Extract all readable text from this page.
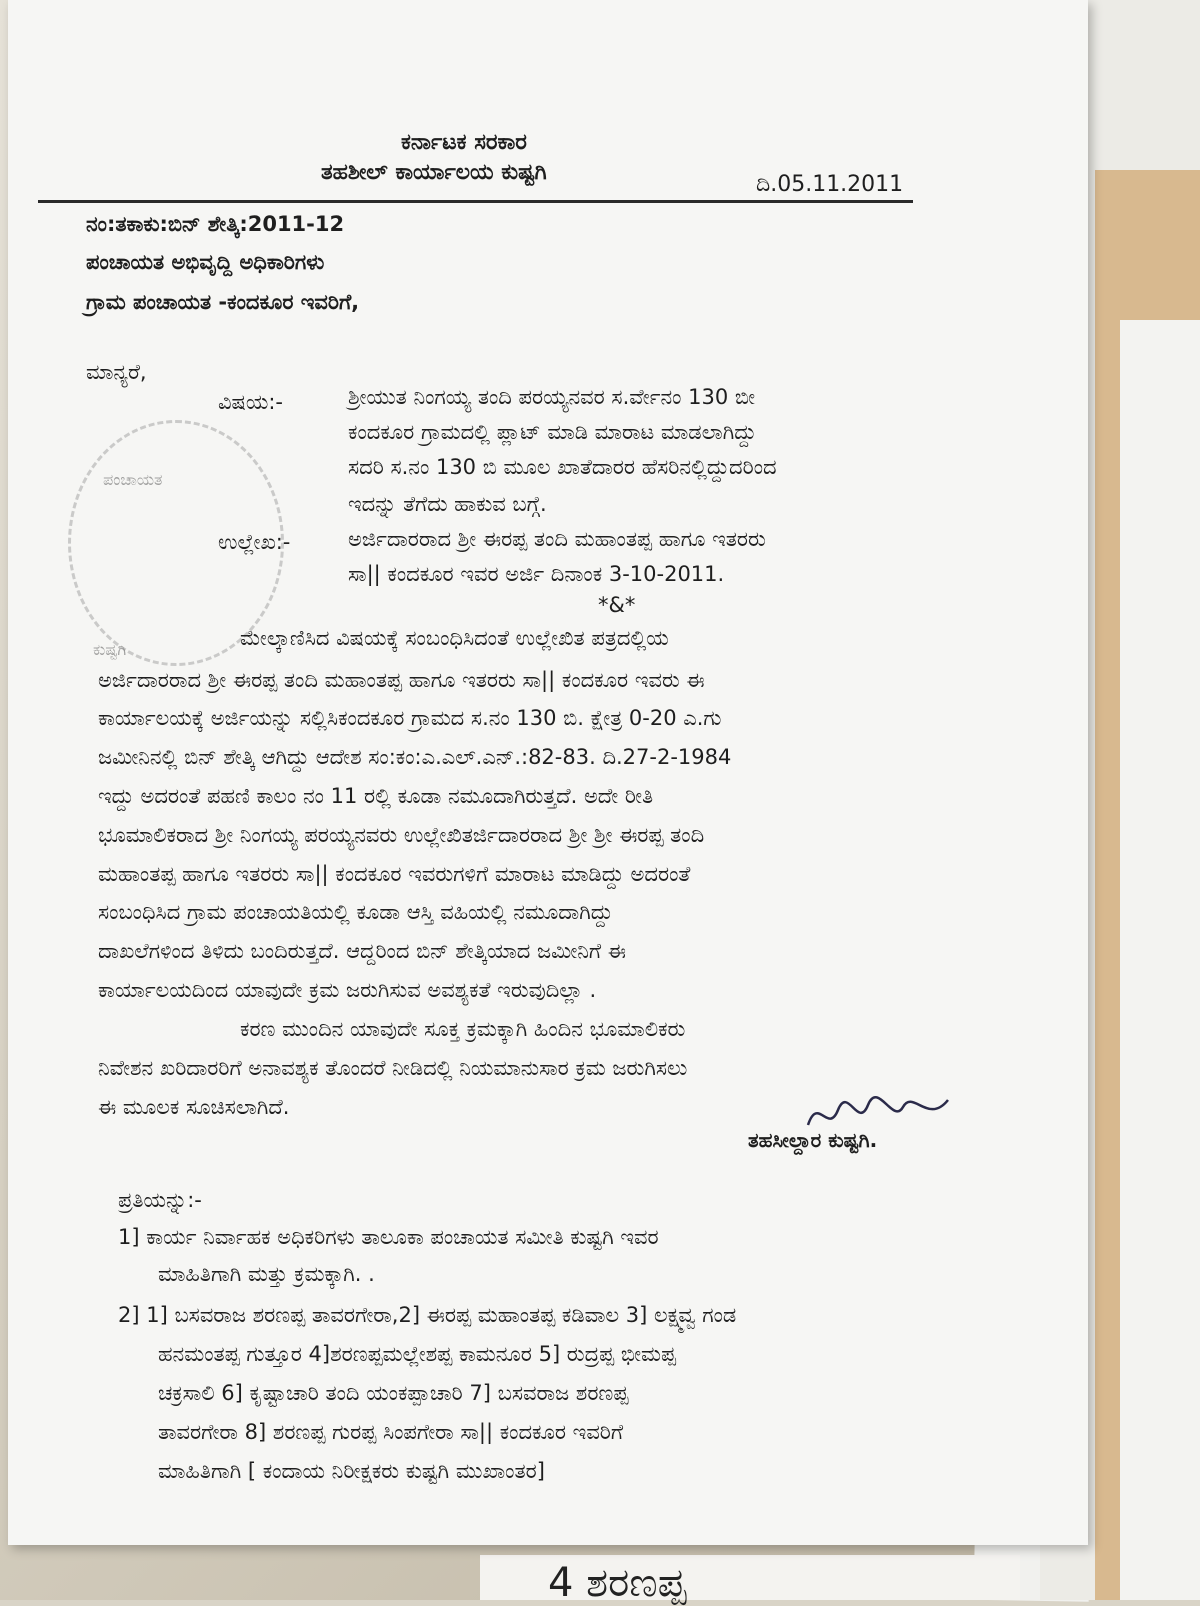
4 ಶರಣಪ್ಪ
ಕರ್ನಾಟಕ ಸರಕಾರ
ತಹಶೀಲ್ ಕಾರ್ಯಾಲಯ ಕುಷ್ಟಗಿ	ದಿ.05.11.2011
ನಂ:ತಕಾಕು:ಬಿನ್ ಶೇತ್ಕಿ:2011-12
ಪಂಚಾಯತ ಅಭಿವೃದ್ದಿ ಅಧಿಕಾರಿಗಳು
ಗ್ರಾಮ ಪಂಚಾಯತ -ಕಂದಕೂರ ಇವರಿಗೆ,
ಮಾನ್ಯರೆ,
ವಿಷಯ:-	ಶ್ರೀಯುತ ನಿಂಗಯ್ಯ ತಂದಿ ಪರಯ್ಯನವರ ಸ.ರ್ವೇನಂ 130 ಬೀ
ಕಂದಕೂರ ಗ್ರಾಮದಲ್ಲಿ ಪ್ಲಾಟ್ ಮಾಡಿ ಮಾರಾಟ ಮಾಡಲಾಗಿದ್ದು
ಸದರಿ ಸ.ನಂ 130 ಬಿ ಮೂಲ ಖಾತೆದಾರರ ಹೆಸರಿನಲ್ಲಿದ್ದುದರಿಂದ
ಇದನ್ನು ತೆಗೆದು ಹಾಕುವ ಬಗ್ಗೆ.
ಉಲ್ಲೇಖ:-	ಅರ್ಜಿದಾರರಾದ ಶ್ರೀ ಈರಪ್ಪ ತಂದಿ ಮಹಾಂತಪ್ಪ ಹಾಗೂ ಇತರರು
ಸಾ|| ಕಂದಕೂರ ಇವರ ಅರ್ಜಿ ದಿನಾಂಕ 3-10-2011.
*&*
ಪಂಚಾಯತ
ಕುಷ್ಟಗಿ	ಮೇಲ್ಕಾಣಿಸಿದ ವಿಷಯಕ್ಕೆ ಸಂಬಂಧಿಸಿದಂತೆ ಉಲ್ಲೇಖಿತ ಪತ್ರದಲ್ಲಿಯ
ಅರ್ಜಿದಾರರಾದ ಶ್ರೀ ಈರಪ್ಪ ತಂದಿ ಮಹಾಂತಪ್ಪ ಹಾಗೂ ಇತರರು ಸಾ|| ಕಂದಕೂರ ಇವರು ಈ
ಕಾರ್ಯಾಲಯಕ್ಕೆ ಅರ್ಜಿಯನ್ನು ಸಲ್ಲಿಸಿಕಂದಕೂರ ಗ್ರಾಮದ ಸ.ನಂ 130 ಬಿ. ಕ್ಷೇತ್ರ 0-20 ಎ.ಗು
ಜಮೀನಿನಲ್ಲಿ ಬಿನ್ ಶೇತ್ಕಿ ಆಗಿದ್ದು ಆದೇಶ ಸಂ:ಕಂ:ಎ.ಎಲ್.ಎನ್.:82-83. ದಿ.27-2-1984
ಇದ್ದು ಅದರಂತೆ ಪಹಣಿ ಕಾಲಂ ನಂ 11 ರಲ್ಲಿ ಕೂಡಾ ನಮೂದಾಗಿರುತ್ತದೆ. ಅದೇ ರೀತಿ
ಭೂಮಾಲಿಕರಾದ ಶ್ರೀ ನಿಂಗಯ್ಯ ಪರಯ್ಯನವರು ಉಲ್ಲೇಖಿತರ್ಜಿದಾರರಾದ ಶ್ರೀ ಶ್ರೀ ಈರಪ್ಪ ತಂದಿ
ಮಹಾಂತಪ್ಪ ಹಾಗೂ ಇತರರು ಸಾ|| ಕಂದಕೂರ ಇವರುಗಳಿಗೆ ಮಾರಾಟ ಮಾಡಿದ್ದು ಅದರಂತೆ
ಸಂಬಂಧಿಸಿದ ಗ್ರಾಮ ಪಂಚಾಯತಿಯಲ್ಲಿ ಕೂಡಾ ಆಸ್ತಿ ವಹಿಯಲ್ಲಿ ನಮೂದಾಗಿದ್ದು
ದಾಖಲೆಗಳಿಂದ ತಿಳಿದು ಬಂದಿರುತ್ತದೆ. ಆದ್ದರಿಂದ ಬಿನ್ ಶೇತ್ಕಿಯಾದ ಜಮೀನಿಗೆ ಈ
ಕಾರ್ಯಾಲಯದಿಂದ ಯಾವುದೇ ಕ್ರಮ ಜರುಗಿಸುವ ಅವಶ್ಯಕತೆ ಇರುವುದಿಲ್ಲಾ .
ಕರಣ ಮುಂದಿನ ಯಾವುದೇ ಸೂಕ್ತ ಕ್ರಮಕ್ಕಾಗಿ ಹಿಂದಿನ ಭೂಮಾಲಿಕರು
ನಿವೇಶನ ಖರಿದಾರರಿಗೆ ಅನಾವಶ್ಯಕ ತೊಂದರೆ ನೀಡಿದಲ್ಲಿ ನಿಯಮಾನುಸಾರ ಕ್ರಮ ಜರುಗಿಸಲು
ಈ ಮೂಲಕ ಸೂಚಿಸಲಾಗಿದೆ.
ತಹಸೀಲ್ದಾರ ಕುಷ್ಟಗಿ.
ಪ್ರತಿಯನ್ನು:-
1] ಕಾರ್ಯ ನಿರ್ವಾಹಕ ಅಧಿಕರಿಗಳು ತಾಲೂಕಾ ಪಂಚಾಯತ ಸಮೀತಿ ಕುಷ್ಟಗಿ ಇವರ
ಮಾಹಿತಿಗಾಗಿ ಮತ್ತು ಕ್ರಮಕ್ಕಾಗಿ. .
2] 1] ಬಸವರಾಜ ಶರಣಪ್ಪ ತಾವರಗೇರಾ,2] ಈರಪ್ಪ ಮಹಾಂತಪ್ಪ ಕಡಿವಾಲ 3] ಲಕ್ಷ್ಮವ್ವ ಗಂಡ
ಹನಮಂತಪ್ಪ ಗುತ್ತೂರ 4]ಶರಣಪ್ಪಮಲ್ಲೇಶಪ್ಪ ಕಾಮನೂರ 5] ರುದ್ರಪ್ಪ ಭೀಮಪ್ಪ
ಚಕ್ರಸಾಲಿ 6] ಕೃಷ್ಟಾಚಾರಿ ತಂದಿ ಯಂಕಪ್ಪಾಚಾರಿ 7] ಬಸವರಾಜ ಶರಣಪ್ಪ
ತಾವರಗೇರಾ 8] ಶರಣಪ್ಪ ಗುರಪ್ಪ ಸಿಂಪಗೇರಾ ಸಾ|| ಕಂದಕೂರ ಇವರಿಗೆ
ಮಾಹಿತಿಗಾಗಿ [ ಕಂದಾಯ ನಿರೀಕ್ಷಕರು ಕುಷ್ಟಗಿ ಮುಖಾಂತರ]
